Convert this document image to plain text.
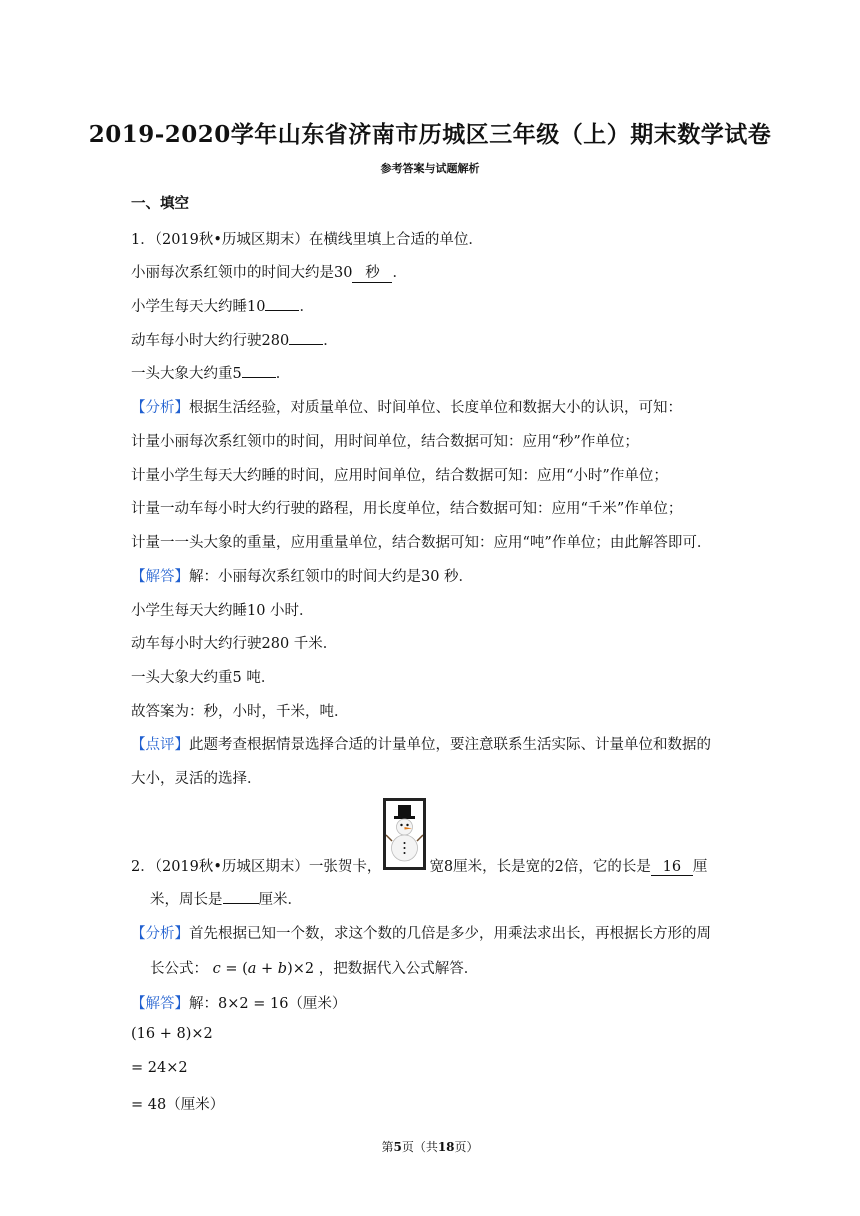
2019-2020学年山东省济南市历城区三年级（上）期末数学试卷
参考答案与试题解析
一、填空
1．（2019秋•历城区期末）在横线里填上合适的单位．
小丽每次系红领巾的时间大约是30 秒 ．
小学生每天大约睡10 ．
动车每小时大约行驶280 ．
一头大象大约重5 ．
【分析】根据生活经验，对质量单位、时间单位、长度单位和数据大小的认识，可知：
计量小丽每次系红领巾的时间，用时间单位，结合数据可知：应用“秒”作单位；
计量小学生每天大约睡的时间，应用时间单位，结合数据可知：应用“小时”作单位；
计量一动车每小时大约行驶的路程，用长度单位，结合数据可知：应用“千米”作单位；
计量一一头大象的重量，应用重量单位，结合数据可知：应用“吨”作单位；由此解答即可．
【解答】解：小丽每次系红领巾的时间大约是30 秒．
小学生每天大约睡10 小时．
动车每小时大约行驶280 千米．
一头大象大约重5 吨．
故答案为：秒，小时，千米，吨．
【点评】此题考查根据情景选择合适的计量单位，要注意联系生活实际、计量单位和数据的
大小，灵活的选择．
2．（2019秋•历城区期末）一张贺卡，	宽8厘米，长是宽的2倍，它的长是 16 厘
米，周长是 厘米．
【分析】首先根据已知一个数，求这个数的几倍是多少，用乘法求出长，再根据长方形的周
长公式： c = (a + b)×2 ，把数据代入公式解答．
【解答】解：8×2 = 16（厘米）
(16 + 8)×2
= 24×2
= 48（厘米）
第5页（共18页）
